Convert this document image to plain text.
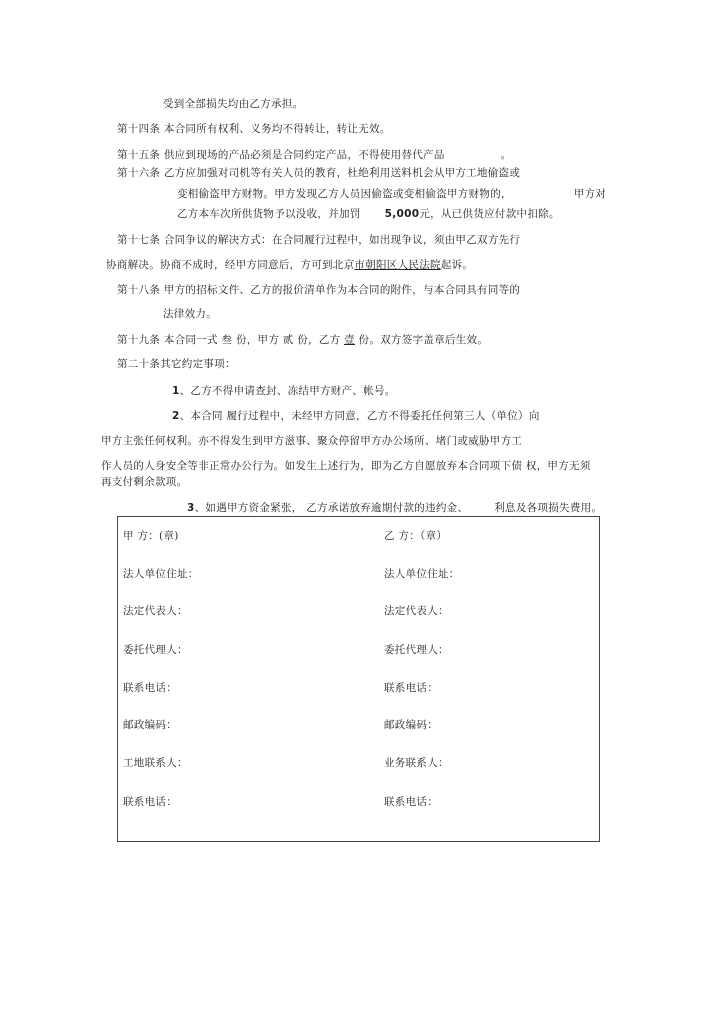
受到全部损失均由乙方承担。
第十四条 本合同所有权利、义务均不得转让，转让无效。
第十五条 供应到现场的产品必须是合同约定产品，不得使用替代产品	。
第十六条 乙方应加强对司机等有关人员的教育，杜绝利用送料机会从甲方工地偷盗或
变相偷盗甲方财物。甲方发现乙方人员因偷盗或变相偷盗甲方财物的，	甲方对
乙方本车次所供货物予以没收，并加罚 5,000元，从已供货应付款中扣除。
第十七条 合同争议的解决方式：在合同履行过程中，如出现争议，须由甲乙双方先行
协商解决。协商不成时，经甲方同意后，方可到北京市朝阳区人民法院起诉。
第十八条 甲方的招标文件、乙方的报价清单作为本合同的附件，与本合同具有同等的
法律效力。
第十九条 本合同一式 叁 份，甲方 贰 份，乙方 壹 份。双方签字盖章后生效。
第二十条其它约定事项：
1、乙方不得申请查封、冻结甲方财产、帐号。
2、本合同 履行过程中，未经甲方同意，乙方不得委托任何第三人（单位）向
甲方主张任何权利。亦不得发生到甲方滋事、聚众停留甲方办公场所、堵门或威胁甲方工
作人员的人身安全等非正常办公行为。如发生上述行为，即为乙方自愿放弃本合同项下债 权，甲方无须
再支付剩余款项。
3、如遇甲方资金紧张， 乙方承诺放弃逾期付款的违约金、 利息及各项损失费用。
甲 方：(章)	乙 方：（章）
法人单位住址：	法人单位住址：
法定代表人：	法定代表人：
委托代理人：	委托代理人：
联系电话：	联系电话：
邮政编码：	邮政编码：
工地联系人：	业务联系人：
联系电话：	联系电话：
